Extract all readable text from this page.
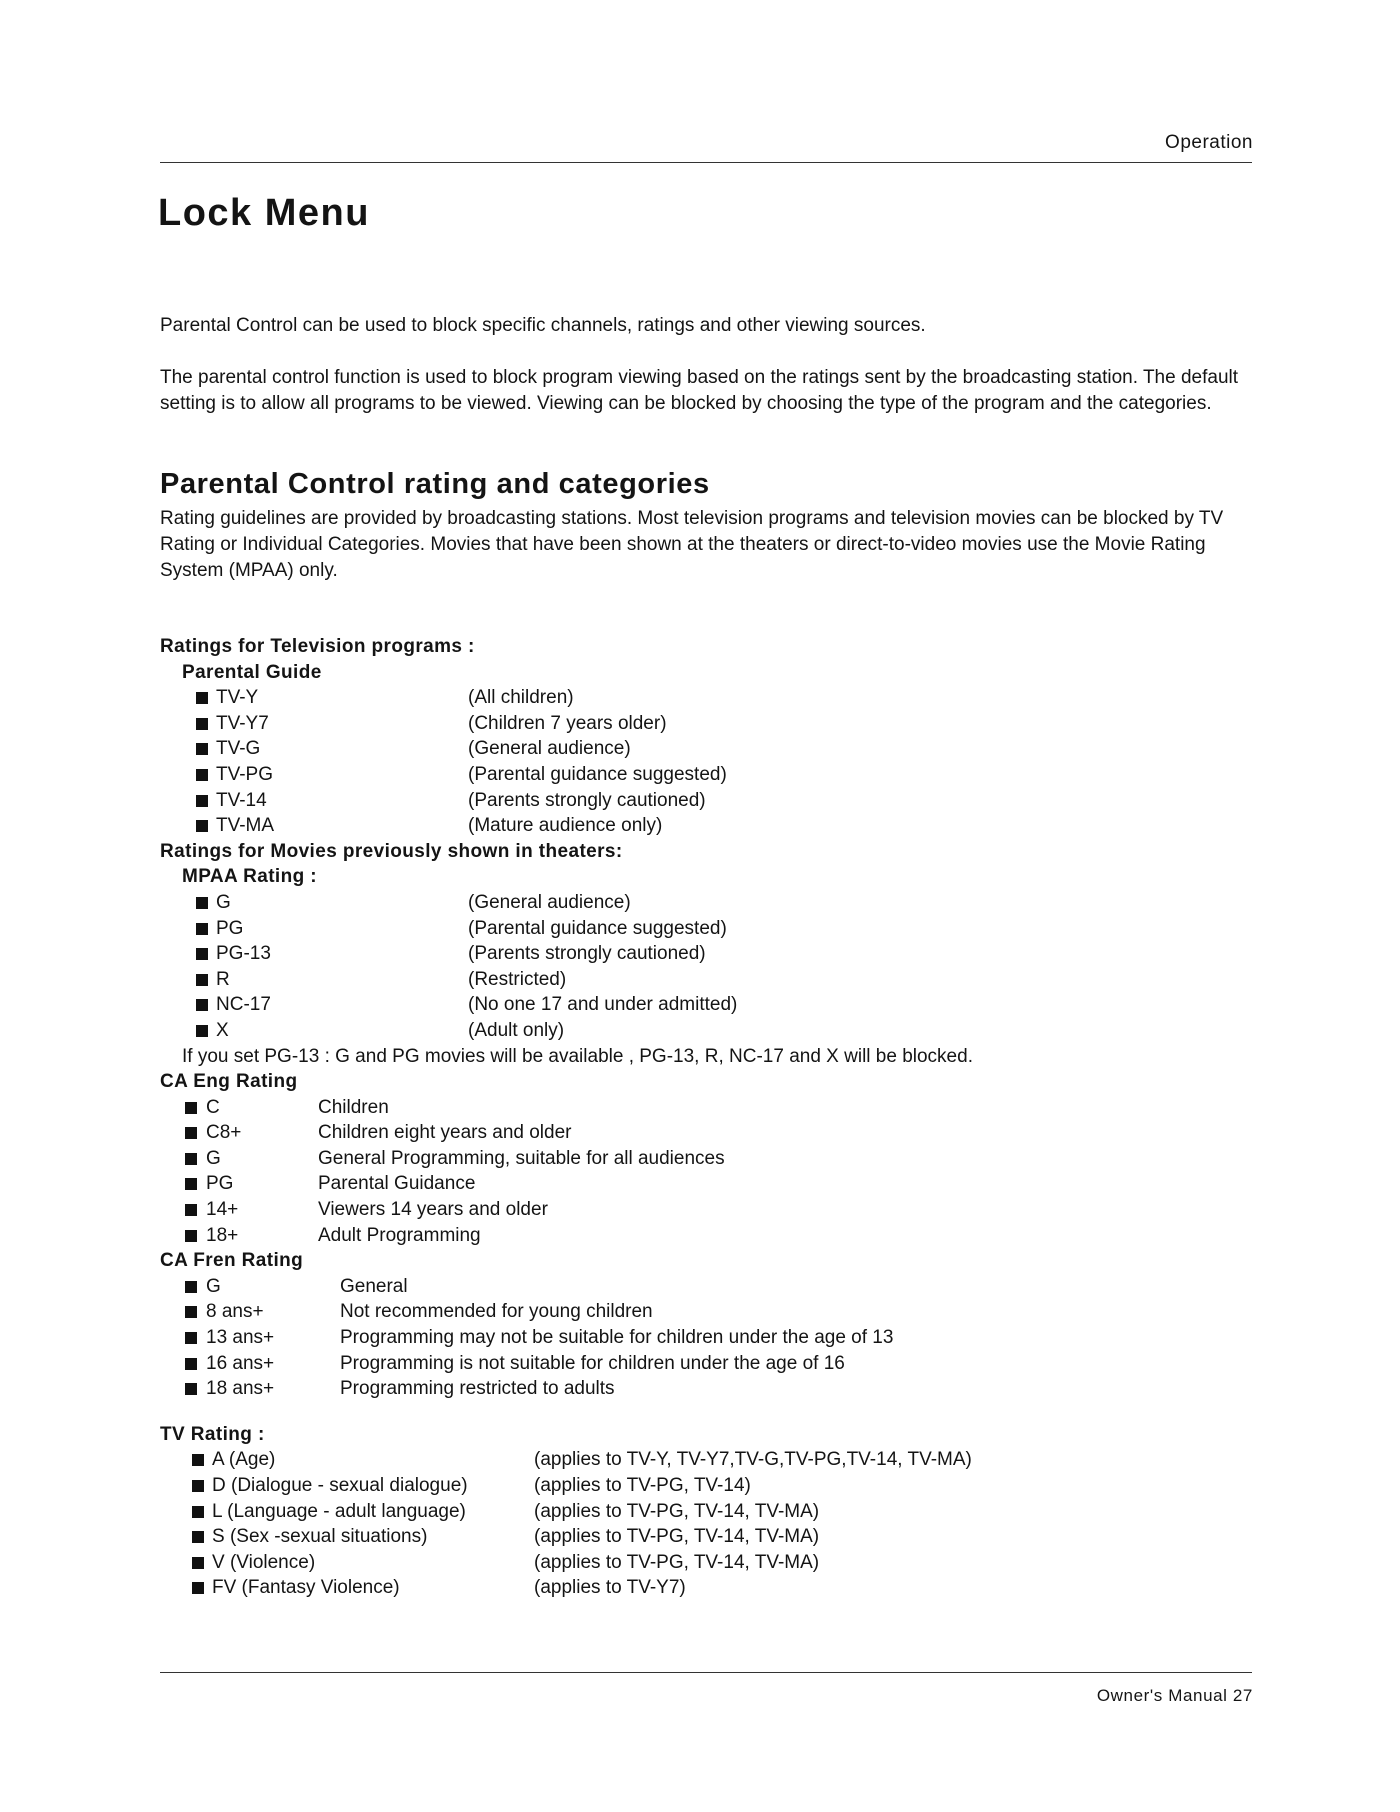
Operation
Lock Menu

Parental Control can be used to block specific channels, ratings and other viewing sources.

The parental control function is used to block program viewing based on the ratings sent by the broadcasting station. The default setting is to allow all programs to be viewed. Viewing can be blocked by choosing the type of the program and the categories.

Parental Control rating and categories

Rating guidelines are provided by broadcasting stations. Most television programs and television movies can be blocked by TV Rating or Individual Categories. Movies that have been shown at the theaters or direct-to-video movies use the Movie Rating System (MPAA) only.

Ratings for Television programs :
Parental Guide
TV-Y	(All children)
TV-Y7	(Children 7 years older)
TV-G	(General audience)
TV-PG	(Parental guidance suggested)
TV-14	(Parents strongly cautioned)
TV-MA	(Mature audience only)
Ratings for Movies previously shown in theaters:
MPAA Rating :
G	(General audience)
PG	(Parental guidance suggested)
PG-13	(Parents strongly cautioned)
R	(Restricted)
NC-17	(No one 17 and under admitted)
X	(Adult only)
If you set PG-13 : G and PG movies will be available , PG-13, R, NC-17 and X will be blocked.
CA Eng Rating
C	Children
C8+	Children eight years and older
G	General Programming, suitable for all audiences
PG	Parental Guidance
14+	Viewers 14 years and older
18+	Adult Programming
CA Fren Rating
G	General
8 ans+	Not recommended for young children
13 ans+	Programming may not be suitable for children under the age of 13
16 ans+	Programming is not suitable for children under the age of 16
18 ans+	Programming restricted to adults
TV Rating :
A (Age)	(applies to TV-Y, TV-Y7,TV-G,TV-PG,TV-14, TV-MA)
D (Dialogue - sexual dialogue)	(applies to TV-PG, TV-14)
L (Language - adult language)	(applies to TV-PG, TV-14, TV-MA)
S (Sex -sexual situations)	(applies to TV-PG, TV-14, TV-MA)
V (Violence)	(applies to TV-PG, TV-14, TV-MA)
FV (Fantasy Violence)	(applies to TV-Y7)
Owner's Manual 27
